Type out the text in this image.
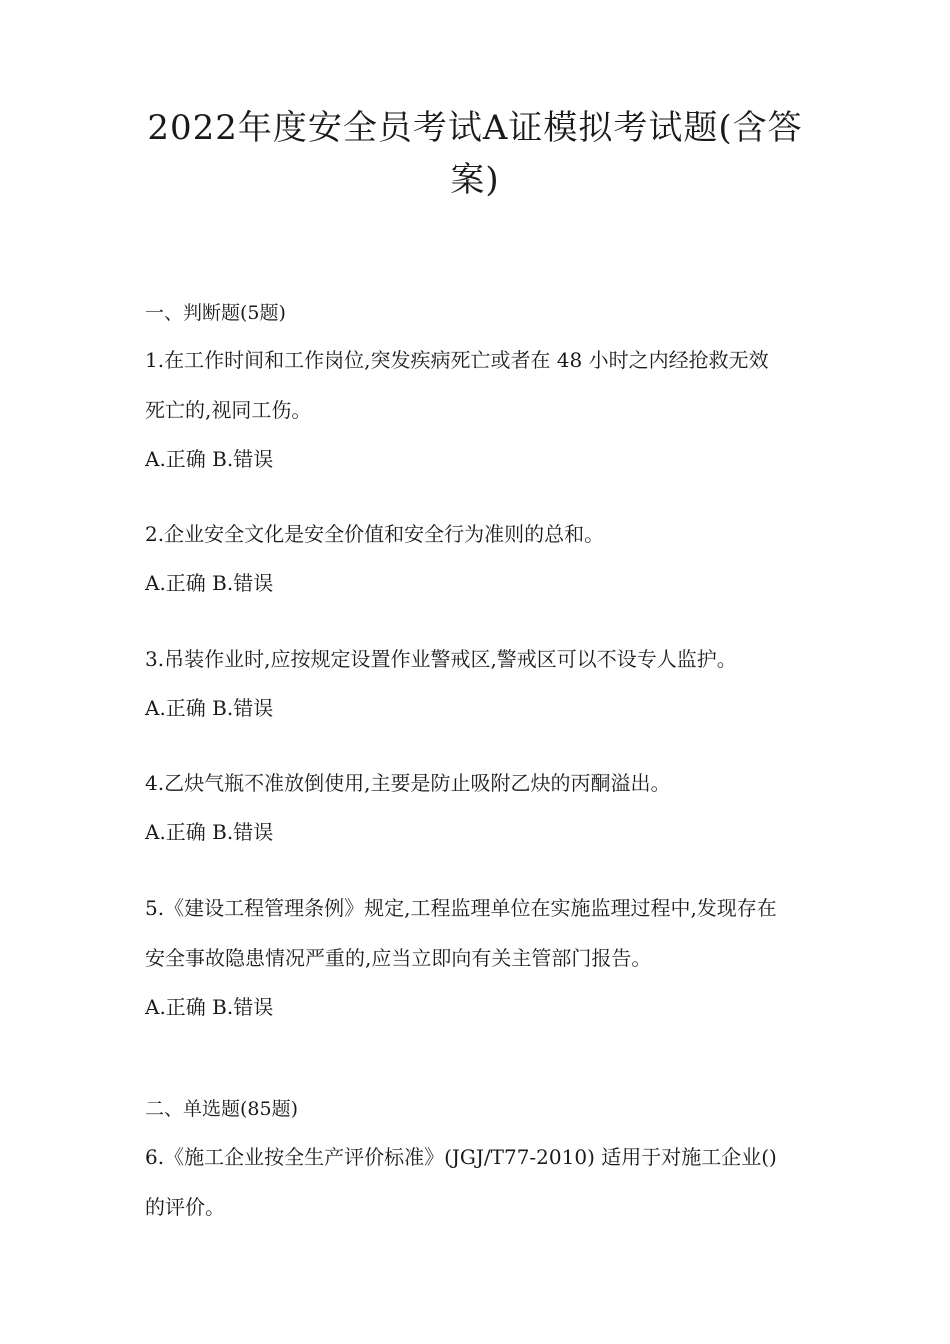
2022年度安全员考试A证模拟考试题(含答
案)
一、判断题(5题)
1.在工作时间和工作岗位,突发疾病死亡或者在 48 小时之内经抢救无效
死亡的,视同工伤。
A.正确 B.错误
2.企业安全文化是安全价值和安全行为准则的总和。
A.正确 B.错误
3.吊装作业时,应按规定设置作业警戒区,警戒区可以不设专人监护。
A.正确 B.错误
4.乙炔气瓶不准放倒使用,主要是防止吸附乙炔的丙酮溢出。
A.正确 B.错误
5.《建设工程管理条例》规定,工程监理单位在实施监理过程中,发现存在
安全事故隐患情况严重的,应当立即向有关主管部门报告。
A.正确 B.错误
二、单选题(85题)
6.《施工企业按全生产评价标准》(JGJ/T77-2010) 适用于对施工企业()
的评价。
